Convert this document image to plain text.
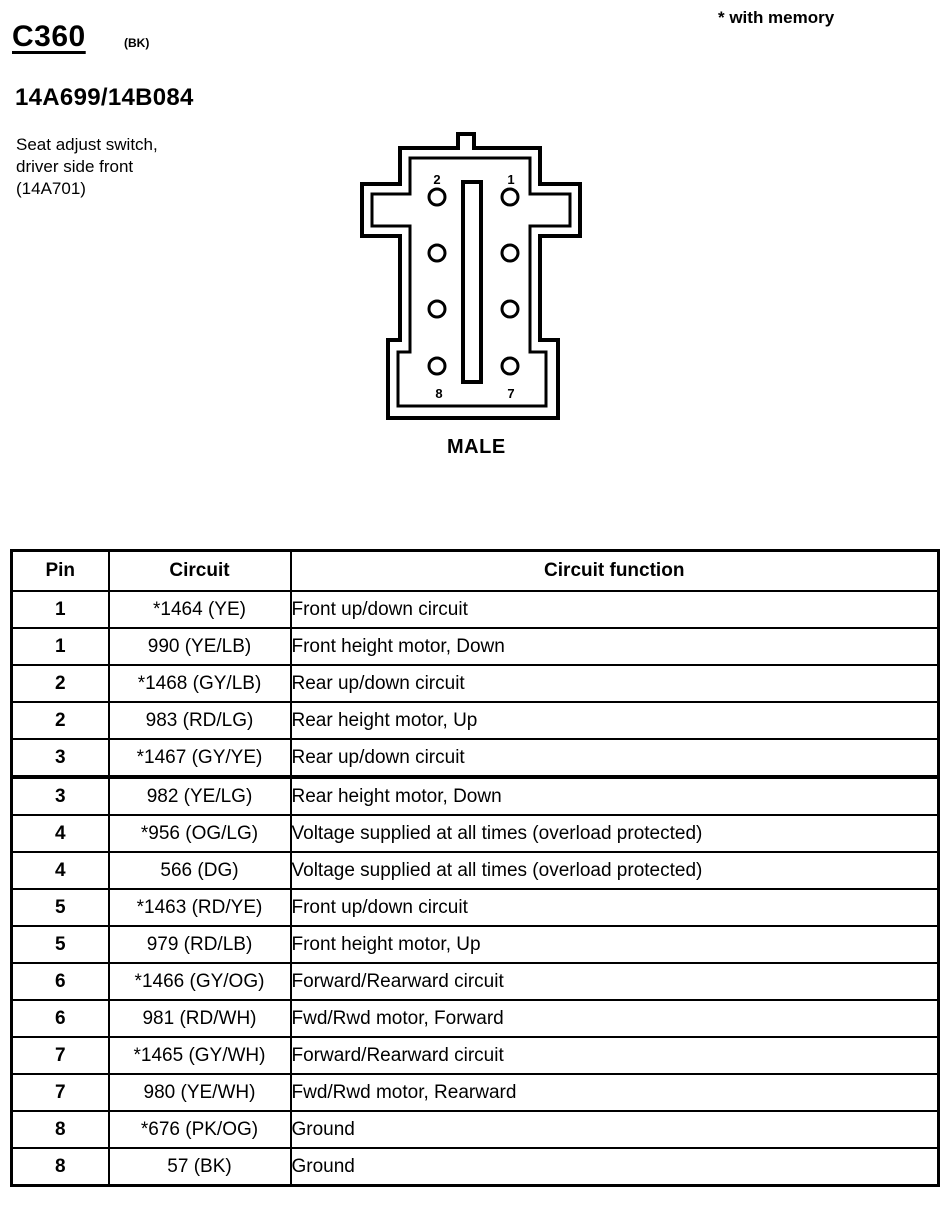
C360	(BK)
* with memory
14A699/14B084
Seat adjust switch,
driver side front
(14A701)	2	1
8	7
MALE
Pin	Circuit	Circuit function
1	*1464 (YE)	Front up/down circuit
1	990 (YE/LB)	Front height motor, Down
2	*1468 (GY/LB)	Rear up/down circuit
2	983 (RD/LG)	Rear height motor, Up
3	*1467 (GY/YE)	Rear up/down circuit
3	982 (YE/LG)	Rear height motor, Down
4	*956 (OG/LG)	Voltage supplied at all times (overload protected)
4	566 (DG)	Voltage supplied at all times (overload protected)
5	*1463 (RD/YE)	Front up/down circuit
5	979 (RD/LB)	Front height motor, Up
6	*1466 (GY/OG)	Forward/Rearward circuit
6	981 (RD/WH)	Fwd/Rwd motor, Forward
7	*1465 (GY/WH)	Forward/Rearward circuit
7	980 (YE/WH)	Fwd/Rwd motor, Rearward
8	*676 (PK/OG)	Ground
8	57 (BK)	Ground
